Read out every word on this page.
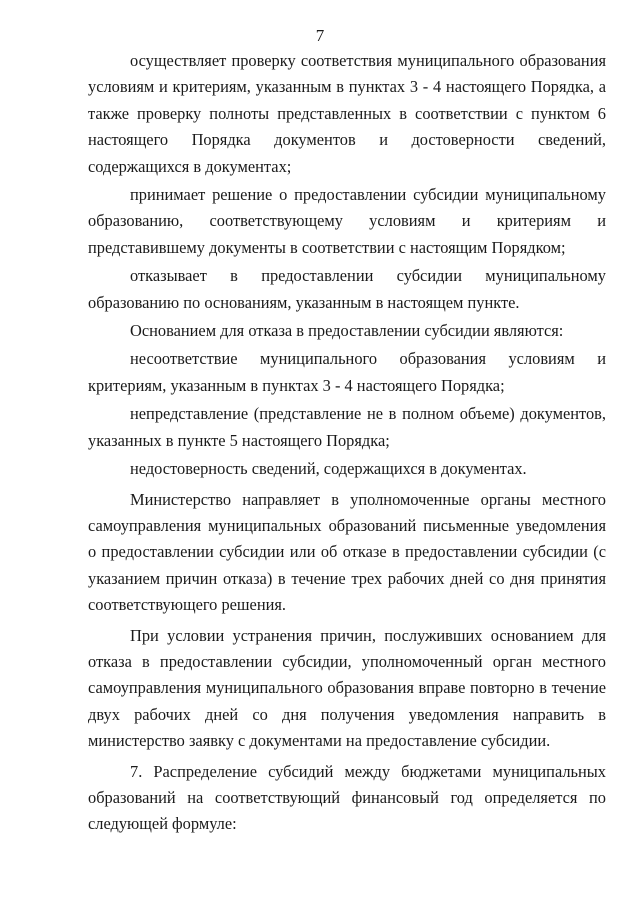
7

осуществляет проверку соответствия муниципального образования условиям и критериям, указанным в пунктах 3 - 4 настоящего Порядка, а также проверку полноты представленных в соответствии с пунктом 6 настоящего Порядка документов и достоверности сведений, содержащихся в документах;

принимает решение о предоставлении субсидии муниципальному образованию, соответствующему условиям и критериям и представившему документы в соответствии с настоящим Порядком;

отказывает в предоставлении субсидии муниципальному образованию по основаниям, указанным в настоящем пункте.

Основанием для отказа в предоставлении субсидии являются:

несоответствие муниципального образования условиям и критериям, указанным в пунктах 3 - 4 настоящего Порядка;

непредставление (представление не в полном объеме) документов, указанных в пункте 5 настоящего Порядка;

недостоверность сведений, содержащихся в документах.

Министерство направляет в уполномоченные органы местного самоуправления муниципальных образований письменные уведомления о предоставлении субсидии или об отказе в предоставлении субсидии (с указанием причин отказа) в течение трех рабочих дней со дня принятия соответствующего решения.

При условии устранения причин, послуживших основанием для отказа в предоставлении субсидии, уполномоченный орган местного самоуправления муниципального образования вправе повторно в течение двух рабочих дней со дня получения уведомления направить в министерство заявку с документами на предоставление субсидии.

7. Распределение субсидий между бюджетами муниципальных образований на соответствующий финансовый год определяется по следующей формуле:
